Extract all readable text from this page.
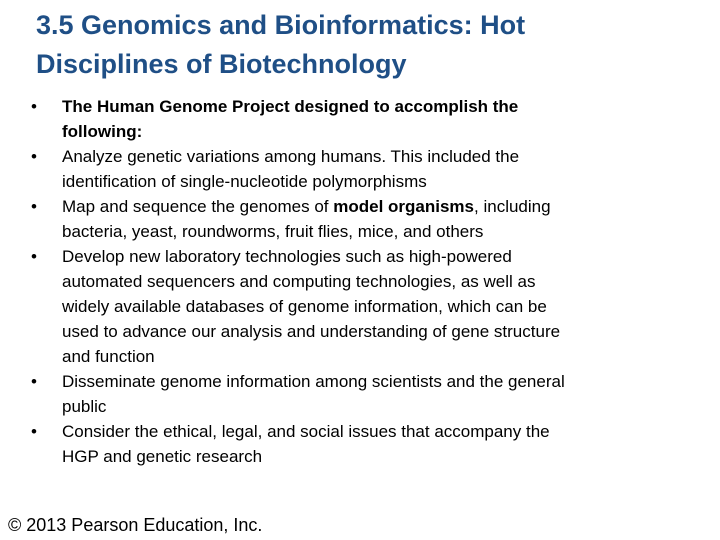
3.5 Genomics and Bioinformatics: Hot
Disciplines of Biotechnology
• The Human Genome Project designed to accomplish the
following:
• Analyze genetic variations among humans. This included the
identification of single-nucleotide polymorphisms
• Map and sequence the genomes of model organisms, including
bacteria, yeast, roundworms, fruit flies, mice, and others
• Develop new laboratory technologies such as high-powered
automated sequencers and computing technologies, as well as
widely available databases of genome information, which can be
used to advance our analysis and understanding of gene structure
and function
• Disseminate genome information among scientists and the general
public
• Consider the ethical, legal, and social issues that accompany the
HGP and genetic research

© 2013 Pearson Education, Inc.
